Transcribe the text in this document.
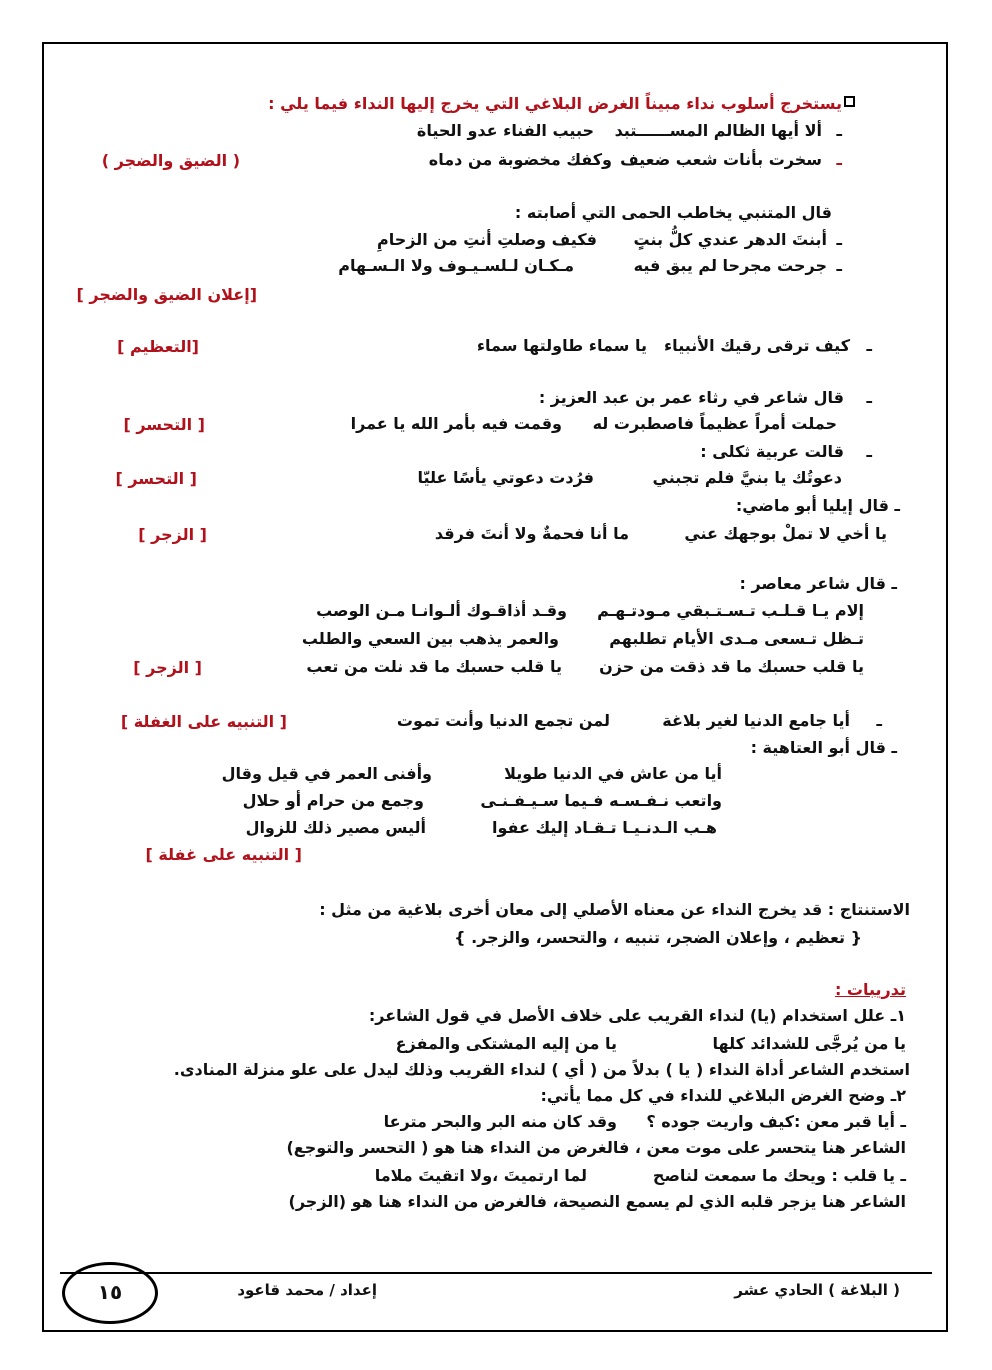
يستخرج أسلوب نداء مبيناً الغرض البلاغي التي يخرج إليها النداء فيما يلي :
ـ
ألا أيها الظالم المســــــتبد
حبيب الفناء عدو الحياة
ـ
سخرت بأنات شعب ضعيف
وكفك مخضوبة من دماه
( الضيق والضجر )
قال المتنبي يخاطب الحمى التي أصابته :
ـ
أبنتَ الدهر عندي كلُّ بنتٍ
فكيف وصلتِ أنتِ من الزحامِ
ـ
جرحت مجرحا لم يبق فيه
مـكـان لـلسـيـوف ولا الـسـهام
[إعلان الضيق والضجر ]
ـ
كيف ترقى رقيك الأنبياء
يا سماء طاولتها سماء
[التعظيم ]
ـ
قال شاعر في رثاء عمر بن عبد العزيز :
حملت أمراً عظيماً فاصطبرت له
وقمت فيه بأمر الله يا عمرا
[ التحسر ]
ـ
قالت عربية ثكلى :
دعوتُك يا بنيَّ فلم تجبني
فرُدت دعوتي يأسًا عليّا
[ التحسر ]
ـ قال إيليا أبو ماضي:
يا أخي لا تملْ بوجهك عني
ما أنا فحمةٌ ولا أنتَ فرقد
[ الزجر ]
ـ قال شاعر معاصر :
إلام يـا قـلـب تـسـتـبقي مـودتـهـم
وقـد أذاقـوك ألـوانـا مـن الوصب
تـظل تـسعى مـدى الأيام تطلبهم
والعمر يذهب بين السعي والطلب
يا قلب حسبك ما قد ذقت من حزن
يا قلب حسبك ما قد نلت من تعب
[ الزجر ]
ـ
أيا جامع الدنيا لغير بلاغة
لمن تجمع الدنيا وأنت تموت
[ التنبيه على الغفلة ]
ـ قال أبو العتاهية :
أيا من عاش في الدنيا طويلا
وأفنى العمر في قيل وقال
واتعب نـفـسـه فـيما سـيـفـنـى
وجمع من حرام أو حلال
هـب الـدنـيـا تـقـاد إليك عفوا
أليس مصير ذلك للزوال
[ التنبيه على غفلة ]
الاستنتاج : قد يخرج النداء عن معناه الأصلي إلى معان أخرى بلاغية من مثل :
{ تعظيم ، وإعلان الضجر، تنبيه ، والتحسر، والزجر. }
تدريبات :
١ـ علل استخدام (يا) لنداء القريب على خلاف الأصل في قول الشاعر:
يا من يُرجَّى للشدائد كلها
يا من إليه المشتكى والمفزع
استخدم الشاعر أداة النداء ( يا ) بدلاً من ( أي ) لنداء القريب وذلك ليدل على علو منزلة المنادى.
٢ـ وضح الغرض البلاغي للنداء في كل مما يأتي:
ـ أيا قبر معن :كيف واريت جوده ؟
وقد كان منه البر والبحر مترعا
الشاعر هنا يتحسر على موت معن ، فالغرض من النداء هنا هو ( التحسر والتوجع)
ـ يا قلب : ويحك ما سمعت لناصح
لما ارتميتَ ،ولا اتقيتَ ملاما
الشاعر هنا يزجر قلبه الذي لم يسمع النصيحة، فالغرض من النداء هنا هو (الزجر)
( البلاغة ) الحادي عشر
إعداد / محمد قاعود
١٥
